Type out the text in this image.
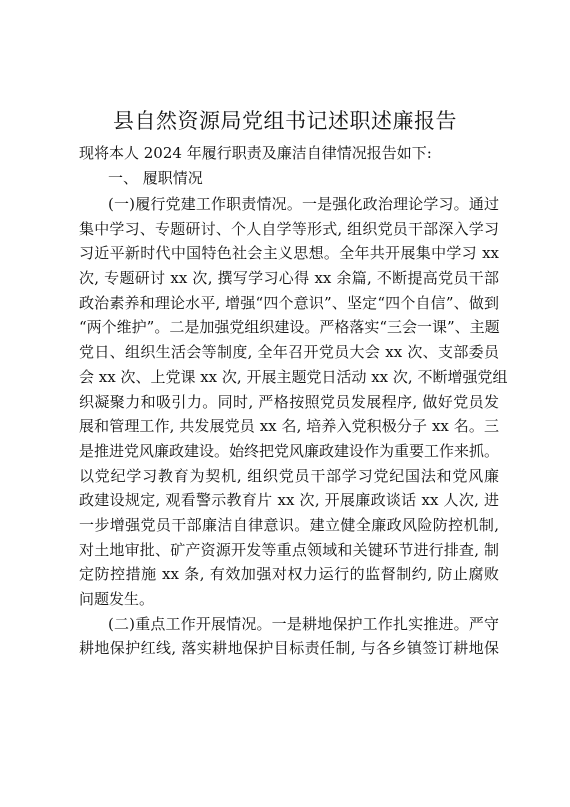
县自然资源局党组书记述职述廉报告
现将本人 2024 年履行职责及廉洁自律情况报告如下:
一、 履职情况
(一)履行党建工作职责情况。一是强化政治理论学习。通过
集中学习、专题研讨、个人自学等形式, 组织党员干部深入学习
习近平新时代中国特色社会主义思想。全年共开展集中学习 xx
次, 专题研讨 xx 次, 撰写学习心得 xx 余篇, 不断提高党员干部
政治素养和理论水平, 增强“四个意识”、坚定“四个自信”、做到
“两个维护”。二是加强党组织建设。严格落实“三会一课”、主题
党日、组织生活会等制度, 全年召开党员大会 xx 次、支部委员
会 xx 次、上党课 xx 次, 开展主题党日活动 xx 次, 不断增强党组
织凝聚力和吸引力。同时, 严格按照党员发展程序, 做好党员发
展和管理工作, 共发展党员 xx 名, 培养入党积极分子 xx 名。三
是推进党风廉政建设。始终把党风廉政建设作为重要工作来抓。
以党纪学习教育为契机, 组织党员干部学习党纪国法和党风廉
政建设规定, 观看警示教育片 xx 次, 开展廉政谈话 xx 人次, 进
一步增强党员干部廉洁自律意识。建立健全廉政风险防控机制,
对土地审批、矿产资源开发等重点领域和关键环节进行排查, 制
定防控措施 xx 条, 有效加强对权力运行的监督制约, 防止腐败
问题发生。
(二)重点工作开展情况。一是耕地保护工作扎实推进。严守
耕地保护红线, 落实耕地保护目标责任制, 与各乡镇签订耕地保
